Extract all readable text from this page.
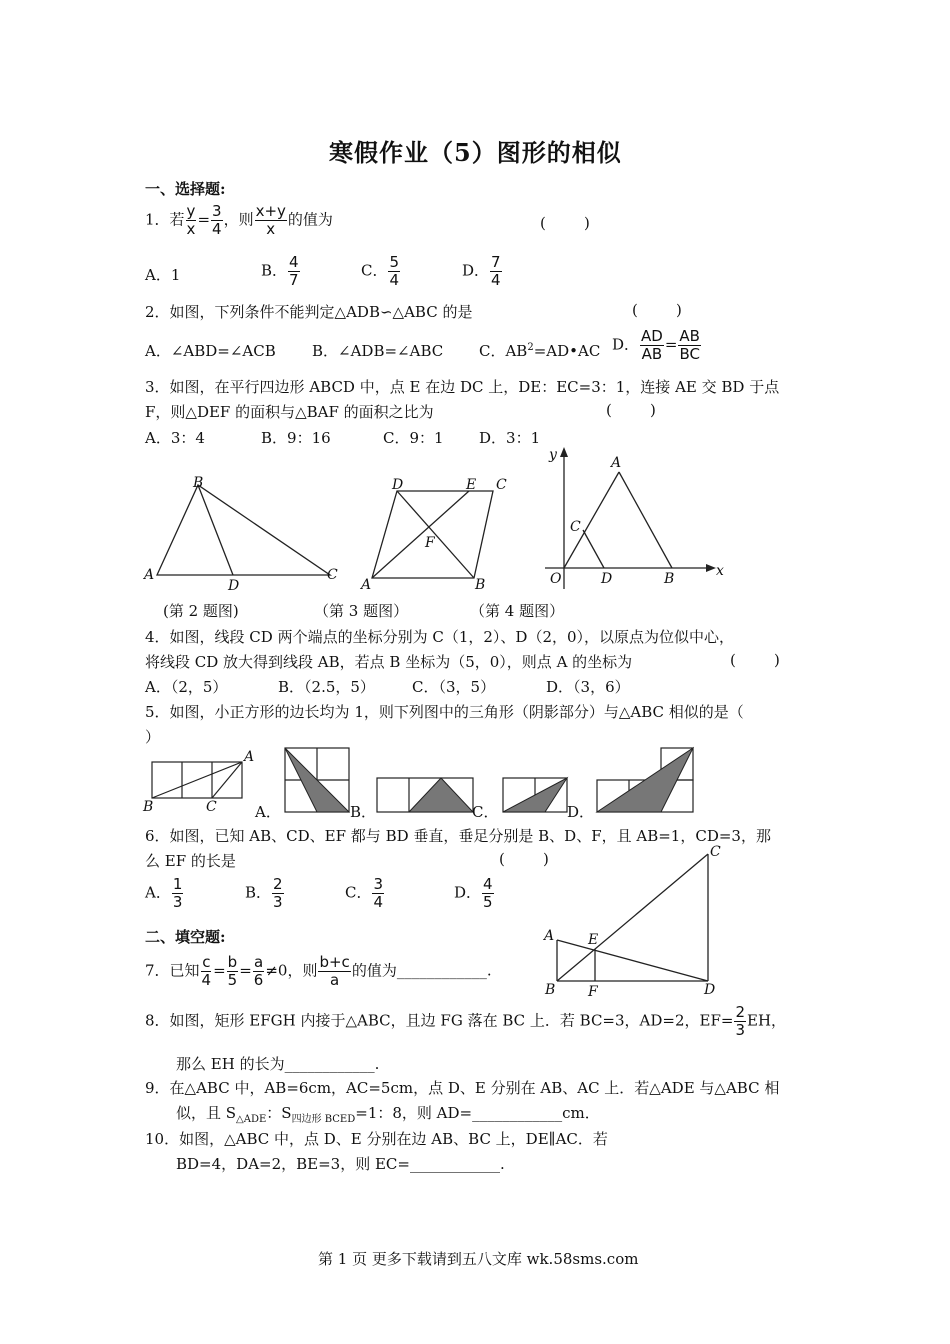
寒假作业（5）图形的相似
一、选择题:
1．若 $\frac{y}{x} = \frac{3}{4}$ ，则 $\frac{x+y}{x}$ 的值为	(        )
A．1	B． $\frac{4}{7}$	C． $\frac{5}{4}$	D． $\frac{7}{4}$
2．如图，下列条件不能判定△ADB∽△ABC 的是	(        )
A．∠ABD=∠ACB B．∠ADB=∠ABC C．$AB^2=AD•AC$ D． $\frac{AD}{AB} = \frac{AB}{BC}$
3．如图，在平行四边形 ABCD 中，点 E 在边 DC 上，DE：EC=3：1，连接 AE 交 BD 于点
F，则△DEF 的面积与△BAF 的面积之比为	(        )
A．3：4	B．9：16	C．9：1 D．3：1
B
A
D
C
D	E C
F
A	B
y	A
C
O	D	B	x
(第 2 题图)	（第 3 题图）	（第 4 题图）
4．如图，线段 CD 两个端点的坐标分别为 C（1，2）、D（2，0），以原点为位似中心，
将线段 CD 放大得到线段 AB，若点 B 坐标为（5，0），则点 A 的坐标为	(        )
A．（2，5）	B．（2.5，5） C．（3，5）	D．（3，6）
5．如图，小正方形的边长均为 1，则下列图中的三角形（阴影部分）与△ABC 相似的是（
）
A
B	C	A．	B．	C．	D．
6．如图，已知 AB、CD、EF 都与 BD 垂直，垂足分别是 B、D、F，且 AB=1，CD=3，那
么 EF 的长是	(        )
A． $\frac{1}{3}$	B． $\frac{2}{3}$	C． $\frac{3}{4}$	D． $\frac{4}{5}$
C
A E
B F	D
二、填空题:
7．已知 $\frac{c}{4} = \frac{b}{5} = \frac{a}{6} \ne 0$，则 $\frac{b+c}{a}$ 的值为____________.
8．如图，矩形 EFGH 内接于△ABC，且边 FG 落在 BC 上．若 BC=3，AD=2，$EF= \frac{2}{3}$ EH，
那么 EH 的长为____________.
9．在△ABC 中，AB=6cm，AC=5cm，点 D、E 分别在 AB、AC 上．若△ADE 与△ABC 相
似，且 $S_{\triangle ADE}$：$S_{四边形 BCED}=1$：8，则 AD=____________cm．
10．如图，△ABC 中，点 D、E 分别在边 AB、BC 上，DE∥AC．若
BD=4，DA=2，BE=3，则 EC=____________.
第 1 页 更多下载请到五八文库 wk.58sms.com
